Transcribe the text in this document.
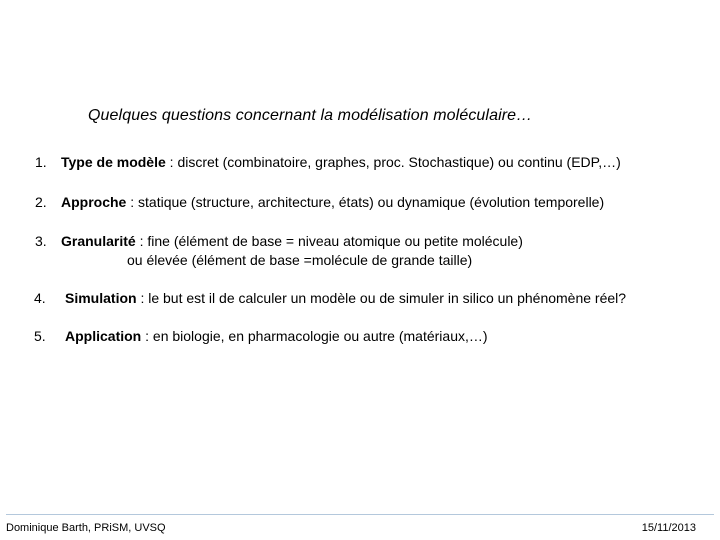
Quelques questions concernant la modélisation moléculaire…
1. Type de modèle : discret (combinatoire, graphes, proc. Stochastique) ou continu (EDP,…)
2. Approche : statique (structure, architecture, états) ou dynamique (évolution temporelle)
3. Granularité : fine (élément de base = niveau atomique ou petite molécule)
ou élevée (élément de base =molécule de grande taille)
4. Simulation : le but est il de calculer un modèle ou de simuler in silico un phénomène réel?
5. Application : en biologie, en pharmacologie ou autre (matériaux,…)
Dominique Barth, PRiSM, UVSQ	15/11/2013
